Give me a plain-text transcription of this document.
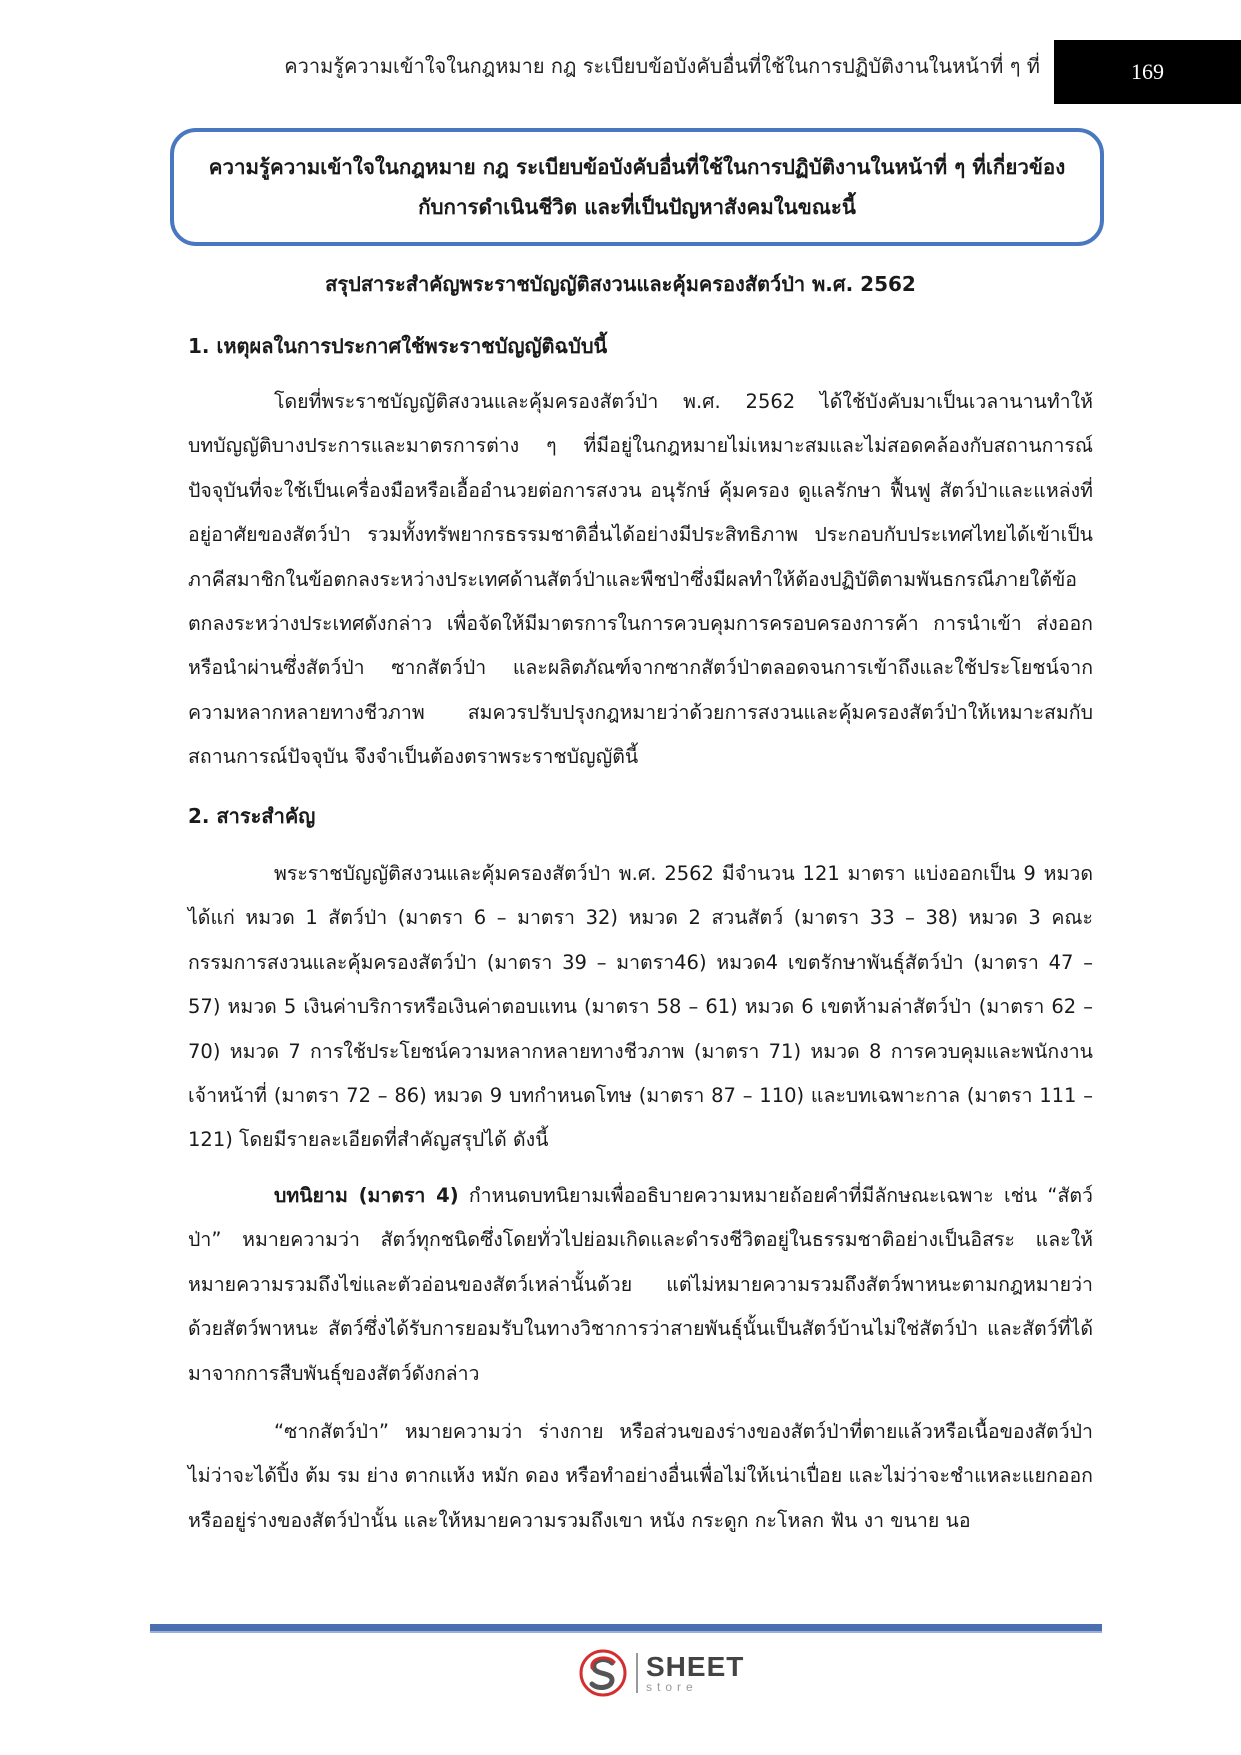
ความรู้ความเข้าใจในกฎหมาย กฎ ระเบียบข้อบังคับอื่นที่ใช้ในการปฏิบัติงานในหน้าที่ ๆ ที่	169
ความรู้ความเข้าใจในกฎหมาย กฎ ระเบียบข้อบังคับอื่นที่ใช้ในการปฏิบัติงานในหน้าที่ ๆ ที่เกี่ยวข้อง
กับการดำเนินชีวิต และที่เป็นปัญหาสังคมในขณะนี้
สรุปสาระสำคัญพระราชบัญญัติสงวนและคุ้มครองสัตว์ป่า พ.ศ. 2562
1. เหตุผลในการประกาศใช้พระราชบัญญัติฉบับนี้

โดยที่พระราชบัญญัติสงวนและคุ้มครองสัตว์ป่า พ.ศ. 2562 ได้ใช้บังคับมาเป็นเวลานานทำให้บทบัญญัติบางประการและมาตรการต่าง ๆ ที่มีอยู่ในกฎหมายไม่เหมาะสมและไม่สอดคล้องกับสถานการณ์ปัจจุบันที่จะใช้เป็นเครื่องมือหรือเอื้ออำนวยต่อการสงวน อนุรักษ์ คุ้มครอง ดูแลรักษา ฟื้นฟู สัตว์ป่าและแหล่งที่อยู่อาศัยของสัตว์ป่า รวมทั้งทรัพยากรธรรมชาติอื่นได้อย่างมีประสิทธิภาพ ประกอบกับประเทศไทยได้เข้าเป็นภาคีสมาชิกในข้อตกลงระหว่างประเทศด้านสัตว์ป่าและพืชป่าซึ่งมีผลทำให้ต้องปฏิบัติตามพันธกรณีภายใต้ข้อตกลงระหว่างประเทศดังกล่าว เพื่อจัดให้มีมาตรการในการควบคุมการครอบครองการค้า การนำเข้า ส่งออก หรือนำผ่านซึ่งสัตว์ป่า ซากสัตว์ป่า และผลิตภัณฑ์จากซากสัตว์ป่าตลอดจนการเข้าถึงและใช้ประโยชน์จากความหลากหลายทางชีวภาพ สมควรปรับปรุงกฎหมายว่าด้วยการสงวนและคุ้มครองสัตว์ป่าให้เหมาะสมกับสถานการณ์ปัจจุบัน จึงจำเป็นต้องตราพระราชบัญญัตินี้

2. สาระสำคัญ

พระราชบัญญัติสงวนและคุ้มครองสัตว์ป่า พ.ศ. 2562 มีจำนวน 121 มาตรา แบ่งออกเป็น 9 หมวด ได้แก่ หมวด 1 สัตว์ป่า (มาตรา 6 – มาตรา 32) หมวด 2 สวนสัตว์ (มาตรา 33 – 38) หมวด 3 คณะกรรมการสงวนและคุ้มครองสัตว์ป่า (มาตรา 39 – มาตรา46) หมวด4 เขตรักษาพันธุ์สัตว์ป่า (มาตรา 47 – 57) หมวด 5 เงินค่าบริการหรือเงินค่าตอบแทน (มาตรา 58 – 61) หมวด 6 เขตห้ามล่าสัตว์ป่า (มาตรา 62 – 70) หมวด 7 การใช้ประโยชน์ความหลากหลายทางชีวภาพ (มาตรา 71) หมวด 8 การควบคุมและพนักงานเจ้าหน้าที่ (มาตรา 72 – 86) หมวด 9 บทกำหนดโทษ (มาตรา 87 – 110) และบทเฉพาะกาล (มาตรา 111 – 121) โดยมีรายละเอียดที่สำคัญสรุปได้ ดังนี้

บทนิยาม (มาตรา 4) กำหนดบทนิยามเพื่ออธิบายความหมายถ้อยคำที่มีลักษณะเฉพาะ เช่น “สัตว์ป่า” หมายความว่า สัตว์ทุกชนิดซึ่งโดยทั่วไปย่อมเกิดและดำรงชีวิตอยู่ในธรรมชาติอย่างเป็นอิสระ และให้หมายความรวมถึงไข่และตัวอ่อนของสัตว์เหล่านั้นด้วย แต่ไม่หมายความรวมถึงสัตว์พาหนะตามกฎหมายว่าด้วยสัตว์พาหนะ สัตว์ซึ่งได้รับการยอมรับในทางวิชาการว่าสายพันธุ์นั้นเป็นสัตว์บ้านไม่ใช่สัตว์ป่า และสัตว์ที่ได้มาจากการสืบพันธุ์ของสัตว์ดังกล่าว

“ซากสัตว์ป่า” หมายความว่า ร่างกาย หรือส่วนของร่างของสัตว์ป่าที่ตายแล้วหรือเนื้อของสัตว์ป่า ไม่ว่าจะได้ปิ้ง ต้ม รม ย่าง ตากแห้ง หมัก ดอง หรือทำอย่างอื่นเพื่อไม่ให้เน่าเปื่อย และไม่ว่าจะชำแหละแยกออก หรืออยู่ร่างของสัตว์ป่านั้น และให้หมายความรวมถึงเขา หนัง กระดูก กะโหลก ฟัน งา ขนาย นอ

SHEET
store
